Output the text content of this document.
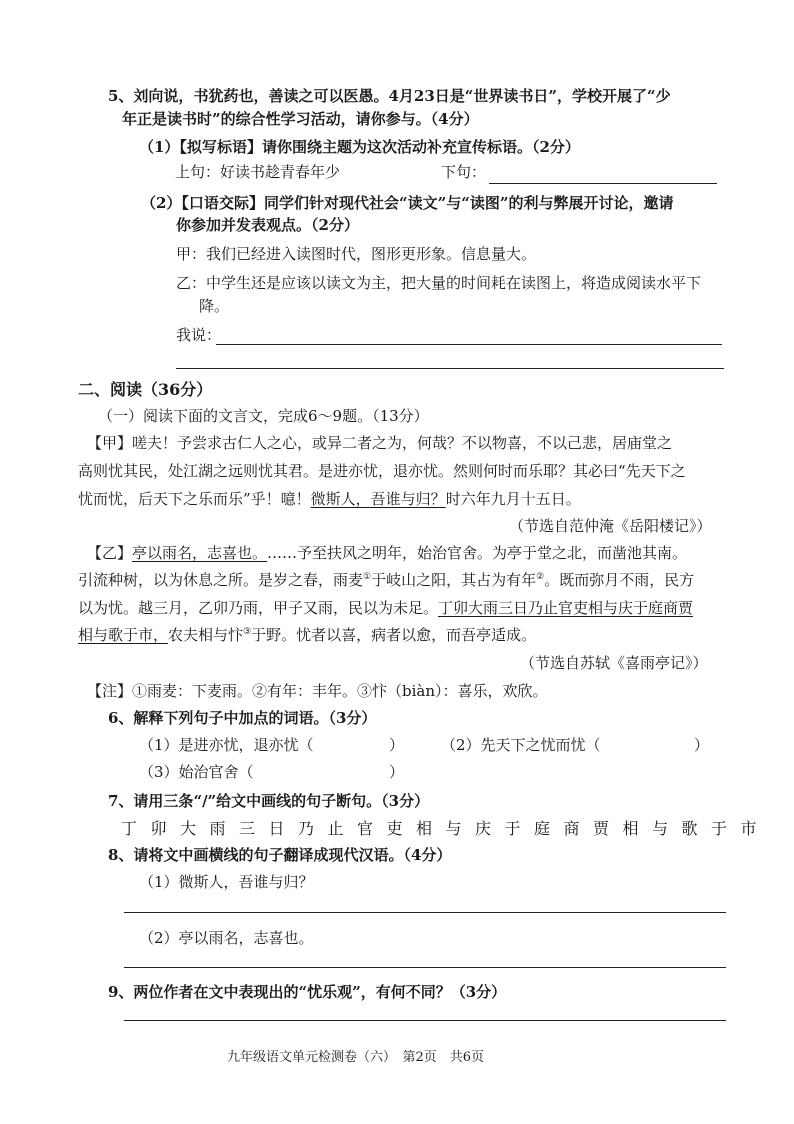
5、刘向说，书犹药也，善读之可以医愚。4月23日是“世界读书日”，学校开展了“少
年正是读书时”的综合性学习活动，请你参与。（4分）
（1）【拟写标语】请你围绕主题为这次活动补充宣传标语。（2分）
上句：好读书趁青春年少	下句：
（2）【口语交际】同学们针对现代社会“读文”与“读图”的利与弊展开讨论，邀请
你参加并发表观点。（2分）
甲：我们已经进入读图时代，图形更形象。信息量大。
乙：中学生还是应该以读文为主，把大量的时间耗在读图上，将造成阅读水平下
降。
我说：
二、阅读（36分）
（一）阅读下面的文言文，完成6～9题。（13分）
【甲】嗟夫！予尝求古仁人之心，或异二者之为，何哉？不以物喜，不以己悲，居庙堂之
高则忧其民，处江湖之远则忧其君。是进亦忧，退亦忧。然则何时而乐耶？其必曰“先天下之
忧而忧，后天下之乐而乐”乎！噫！微斯人，吾谁与归？时六年九月十五日。
（节选自范仲淹《岳阳楼记》）
【乙】亭以雨名，志喜也。……予至扶风之明年，始治官舍。为亭于堂之北，而凿池其南。
引流种树，以为休息之所。是岁之春，雨麦①于岐山之阳，其占为有年②。既而弥月不雨，民方
以为忧。越三月，乙卯乃雨，甲子又雨，民以为未足。丁卯大雨三日乃止官吏相与庆于庭商贾
相与歌于市，农夫相与忭③于野。忧者以喜，病者以愈，而吾亭适成。
（节选自苏轼《喜雨亭记》）
【注】①雨麦：下麦雨。②有年：丰年。③忭（biàn）：喜乐，欢欣。
6、解释下列句子中加点的词语。（3分）
（1）是进亦忧，退亦忧（	） （2）先天下之忧而忧（	）
（3）始治官舍（	）
7、请用三条“/”给文中画线的句子断句。（3分）
丁卯大雨三日乃止官吏相与庆于庭商贾相与歌于市
8、请将文中画横线的句子翻译成现代汉语。（4分）
（1）微斯人，吾谁与归？
（2）亭以雨名，志喜也。
9、两位作者在文中表现出的“忧乐观”，有何不同？（3分）
九年级语文单元检测卷（六）　第2页　共6页
